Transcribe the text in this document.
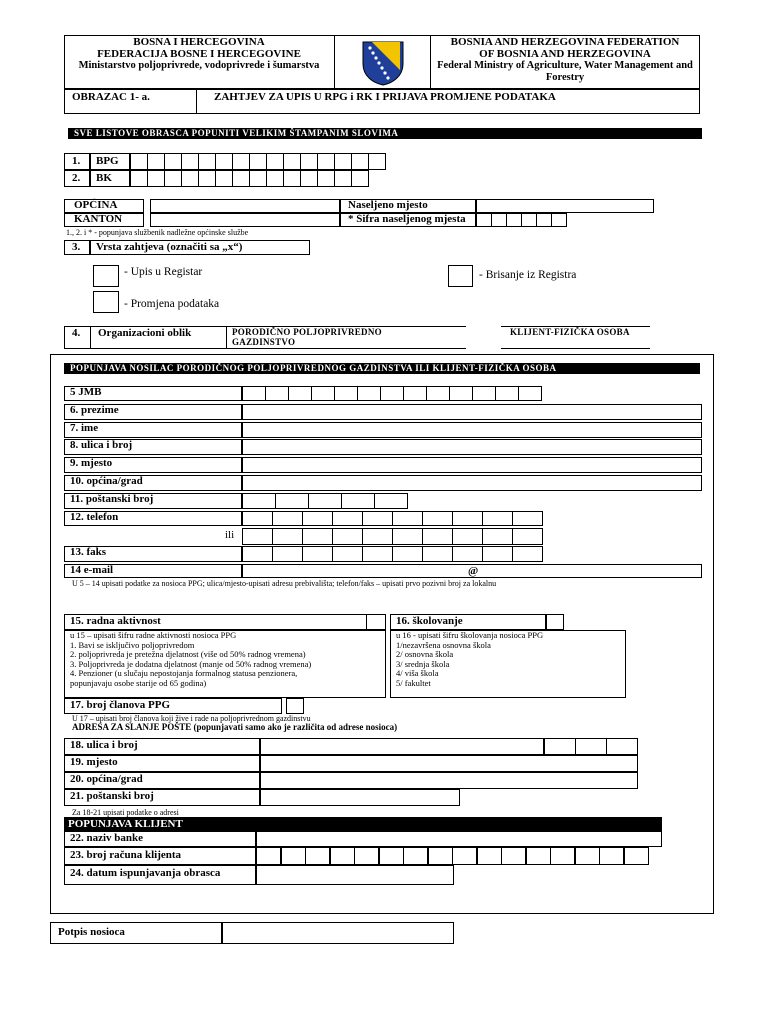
BOSNA I HERCEGOVINA
FEDERACIJA BOSNE I HERCEGOVINE
Ministarstvo poljoprivrede, vodoprivrede i šumarstva
BOSNIA AND HERZEGOVINA FEDERATION
OF BOSNIA AND HERZEGOVINA
Federal Ministry of Agriculture, Water Management and Forestry
OBRAZAC 1- a.	ZAHTJEV ZA UPIS U RPG i RK I PRIJAVA PROMJENE PODATAKA
SVE LISTOVE OBRASCA POPUNITI VELIKIM ŠTAMPANIM SLOVIMA
1. BPG
2. BK
OPĆINA
KANTON
Naseljeno mjesto
* Šifra naseljenog mjesta
1., 2. i * - popunjava službenik nadležne općinske službe
3. Vrsta zahtjeva (označiti sa „x“)
- Upis u Registar	- Brisanje iz Registra
- Promjena podataka
4. Organizacioni oblik	PORODIČNO POLJOPRIVREDNO GAZDINSTVO
KLIJENT-FIZIČKA OSOBA
POPUNJAVA NOSILAC PORODIČNOG POLJOPRIVREDNOG GAZDINSTVA ILI KLIJENT-FIZIČKA OSOBA
5 JMB
6. prezime
7. ime
8. ulica i broj
9. mjesto
10. općina/grad
11. poštanski broj
12. telefon
ili
13. faks
14 e-mail	@
U 5 – 14 upisati podatke za nosioca PPG; ulica/mjesto-upisati adresu prebivališta; telefon/faks – upisati prvo pozivni broj za lokalnu
15. radna aktivnost
u 15 – upisati šifru radne aktivnosti nosioca PPG
1. Bavi se isključivo poljoprivredom
2. poljoprivreda je pretežna djelatnost (više od 50% radnog vremena)
3. Poljoprivreda je dodatna djelatnost (manje od 50% radnog vremena)
4. Penzioner (u slučaju nepostojanja formalnog statusa penzionera,
popunjavaju osobe starije od 65 godina)
16. školovanje
u 16 - upisati šifru školovanja nosioca PPG
1/nezavršena osnovna škola
2/ osnovna škola
3/ srednja škola
4/ viša škola
5/ fakultet
17. broj članova PPG
U 17 – upisati broj članova koji žive i rade na poljoprivrednom gazdinstvu
ADRESA ZA SLANJE POŠTE (popunjavati samo ako je različita od adrese nosioca)
18. ulica i broj
19. mjesto
20. općina/grad
21. poštanski broj
Za 18-21 upisati podatke o adresi
POPUNJAVA KLIJENT
22. naziv banke
23. broj računa klijenta
24. datum ispunjavanja obrasca
Potpis nosioca
